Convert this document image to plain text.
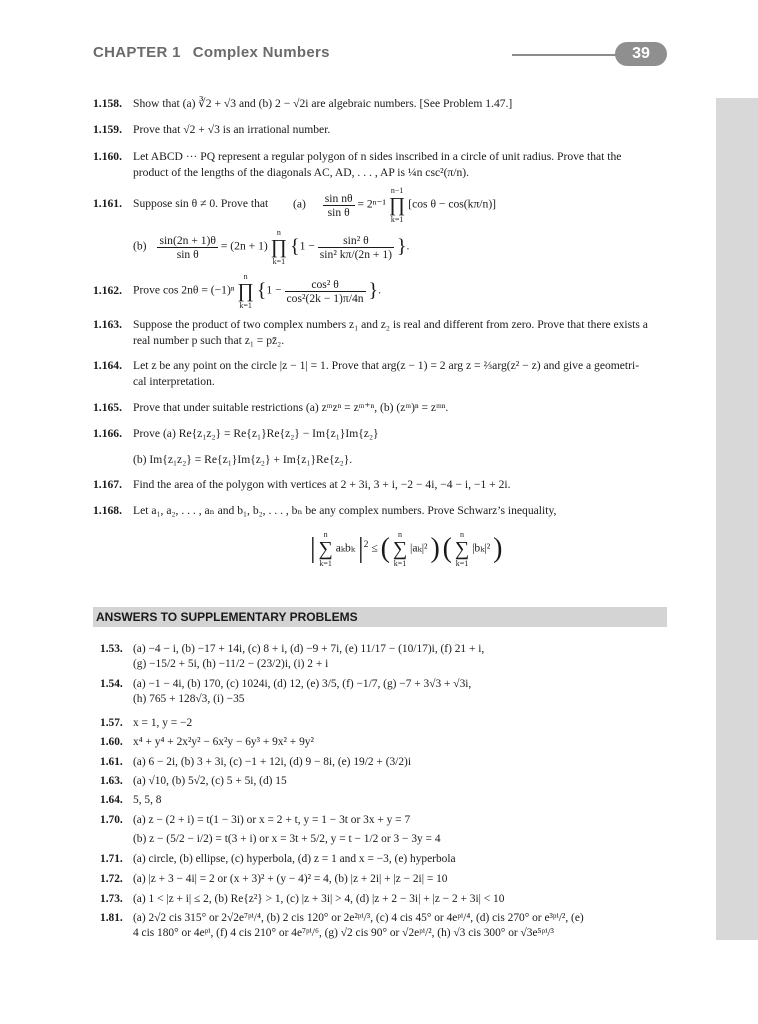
CHAPTER 1 Complex Numbers	39
1.158. Show that (a) ∛2 + √3 and (b) 2 − √2i are algebraic numbers. [See Problem 1.47.]
1.159. Prove that √2 + √3 is an irrational number.
1.160. Let ABCD ··· PQ represent a regular polygon of n sides inscribed in a circle of unit radius. Prove that the
product of the lengths of the diagonals AC, AD, . . . , AP is ¼n csc²(π/n).
1.161. Suppose sin θ ≠ 0. Prove that	$(a) \frac{\text{sin nθ}}{\text{sin θ}} = 2^{n-1}$ n−1
∏
k=1 [cos θ − cos(kπ/n)]
$(b) \frac{\sin(2n + 1)\theta}{\text{sin θ}} = (2n + 1)$ n
∏
k=1 {$1 - \frac{\text{sin² θ}}{\text{sin² kπ/(2n + 1)}}$ }.
1.162. Prove cos 2nθ = (−1)ⁿ n
∏
k=1 {$1 - \frac{\text{cos² θ}}{\text{cos²(2k − 1)π/4n}}$ }.
1.163. Suppose the product of two complex numbers z₁ and z₂ is real and different from zero. Prove that there exists a
real number p such that z₁ = pz̄₂.
1.164. Let z be any point on the circle |z − 1| = 1. Prove that arg(z − 1) = 2 arg z = ⅔arg(z² − z) and give a geometri-
cal interpretation.
1.165. Prove that under suitable restrictions (a) zᵐzⁿ = zᵐ⁺ⁿ, (b) (zᵐ)ⁿ = zᵐⁿ.
1.166. Prove (a) Re{z₁z₂} = Re{z₁}Re{z₂} − Im{z₁}Im{z₂}
(b) Im{z₁z₂} = Re{z₁}Im{z₂} + Im{z₁}Re{z₂}.
1.167. Find the area of the polygon with vertices at 2 + 3i, 3 + i, −2 − 4i, −4 − i, −1 + 2i.
1.168. Let a₁, a₂, . . . , aₙ and b₁, b₂, . . . , bₙ be any complex numbers. Prove Schwarz’s inequality,
| n
∑
k=1 aₖbₖ $|^2$ ≤ ( n
∑
k=1 |aₖ|² ) ( n
∑
k=1 |bₖ|² )
ANSWERS TO SUPPLEMENTARY PROBLEMS
1.53. (a) −4 − i, (b) −17 + 14i, (c) 8 + i, (d) −9 + 7i, (e) 11/17 − (10/17)i, (f) 21 + i,
(g) −15/2 + 5i, (h) −11/2 − (23/2)i, (i) 2 + i
1.54. (a) −1 − 4i, (b) 170, (c) 1024i, (d) 12, (e) 3/5, (f) −1/7, (g) −7 + 3√3 + √3i,
(h) 765 + 128√3, (i) −35
1.57. x = 1, y = −2
1.60. x⁴ + y⁴ + 2x²y² − 6x²y − 6y³ + 9x² + 9y²
1.61. (a) 6 − 2i, (b) 3 + 3i, (c) −1 + 12i, (d) 9 − 8i, (e) 19/2 + (3/2)i
1.63. (a) √10, (b) 5√2, (c) 5 + 5i, (d) 15
1.64. 5, 5, 8
1.70. (a) z − (2 + i) = t(1 − 3i) or x = 2 + t, y = 1 − 3t or 3x + y = 7
(b) z − (5/2 − i/2) = t(3 + i) or x = 3t + 5/2, y = t − 1/2 or 3 − 3y = 4
1.71. (a) circle, (b) ellipse, (c) hyperbola, (d) z = 1 and x = −3, (e) hyperbola
1.72. (a) |z + 3 − 4i| = 2 or (x + 3)² + (y − 4)² = 4, (b) |z + 2i| + |z − 2i| = 10
1.73. (a) 1 < |z + i| ≤ 2, (b) Re{z²} > 1, (c) |z + 3i| > 4, (d) |z + 2 − 3i| + |z − 2 + 3i| < 10
1.81. (a) 2√2 cis 315° or 2√2e⁷ᵖⁱ/⁴, (b) 2 cis 120° or 2e²ᵖⁱ/³, (c) 4 cis 45° or 4eᵖⁱ/⁴, (d) cis 270° or e³ᵖⁱ/², (e)
4 cis 180° or 4eᵖⁱ, (f) 4 cis 210° or 4e⁷ᵖⁱ/⁶, (g) √2 cis 90° or √2eᵖⁱ/², (h) √3 cis 300° or √3e⁵ᵖⁱ/³
